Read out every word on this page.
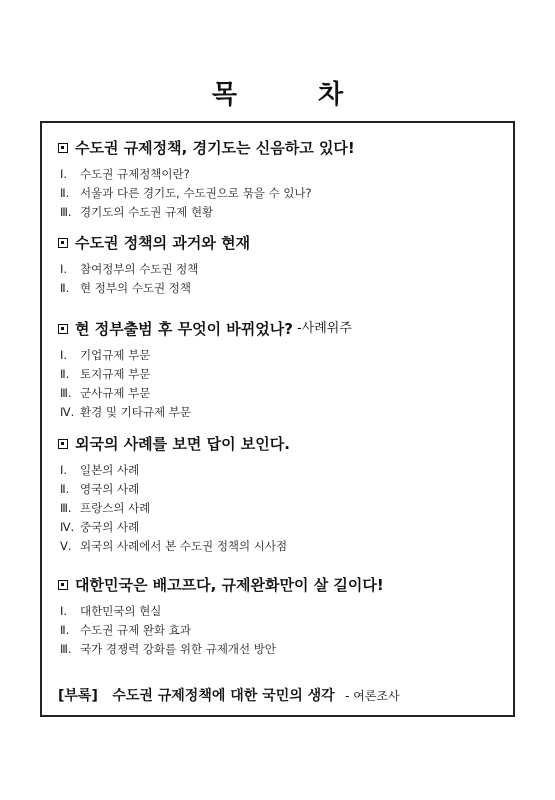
목 차
수도권 규제정책, 경기도는 신음하고 있다!
Ⅰ.	수도권 규제정책이란?
Ⅱ. 서울과 다른 경기도, 수도권으로 묶을 수 있나?
Ⅲ. 경기도의 수도권 규제 현황
수도권 정책의 과거와 현재
Ⅰ.	참여정부의 수도권 정책
Ⅱ. 현 정부의 수도권 정책
현 정부출범 후 무엇이 바뀌었나? -사례위주
Ⅰ.	기업규제 부문
Ⅱ. 토지규제 부문
Ⅲ. 군사규제 부문
Ⅳ. 환경 및 기타규제 부문
외국의 사례를 보면 답이 보인다.
Ⅰ.	일본의 사례
Ⅱ. 영국의 사례
Ⅲ. 프랑스의 사례
Ⅳ. 중국의 사례
Ⅴ. 외국의 사례에서 본 수도권 정책의 시사점
대한민국은 배고프다, 규제완화만이 살 길이다!
Ⅰ.	대한민국의 현실
Ⅱ. 수도권 규제 완화 효과
Ⅲ. 국가 경쟁력 강화를 위한 규제개선 방안
[부록] 수도권 규제정책에 대한 국민의 생각 - 여론조사
